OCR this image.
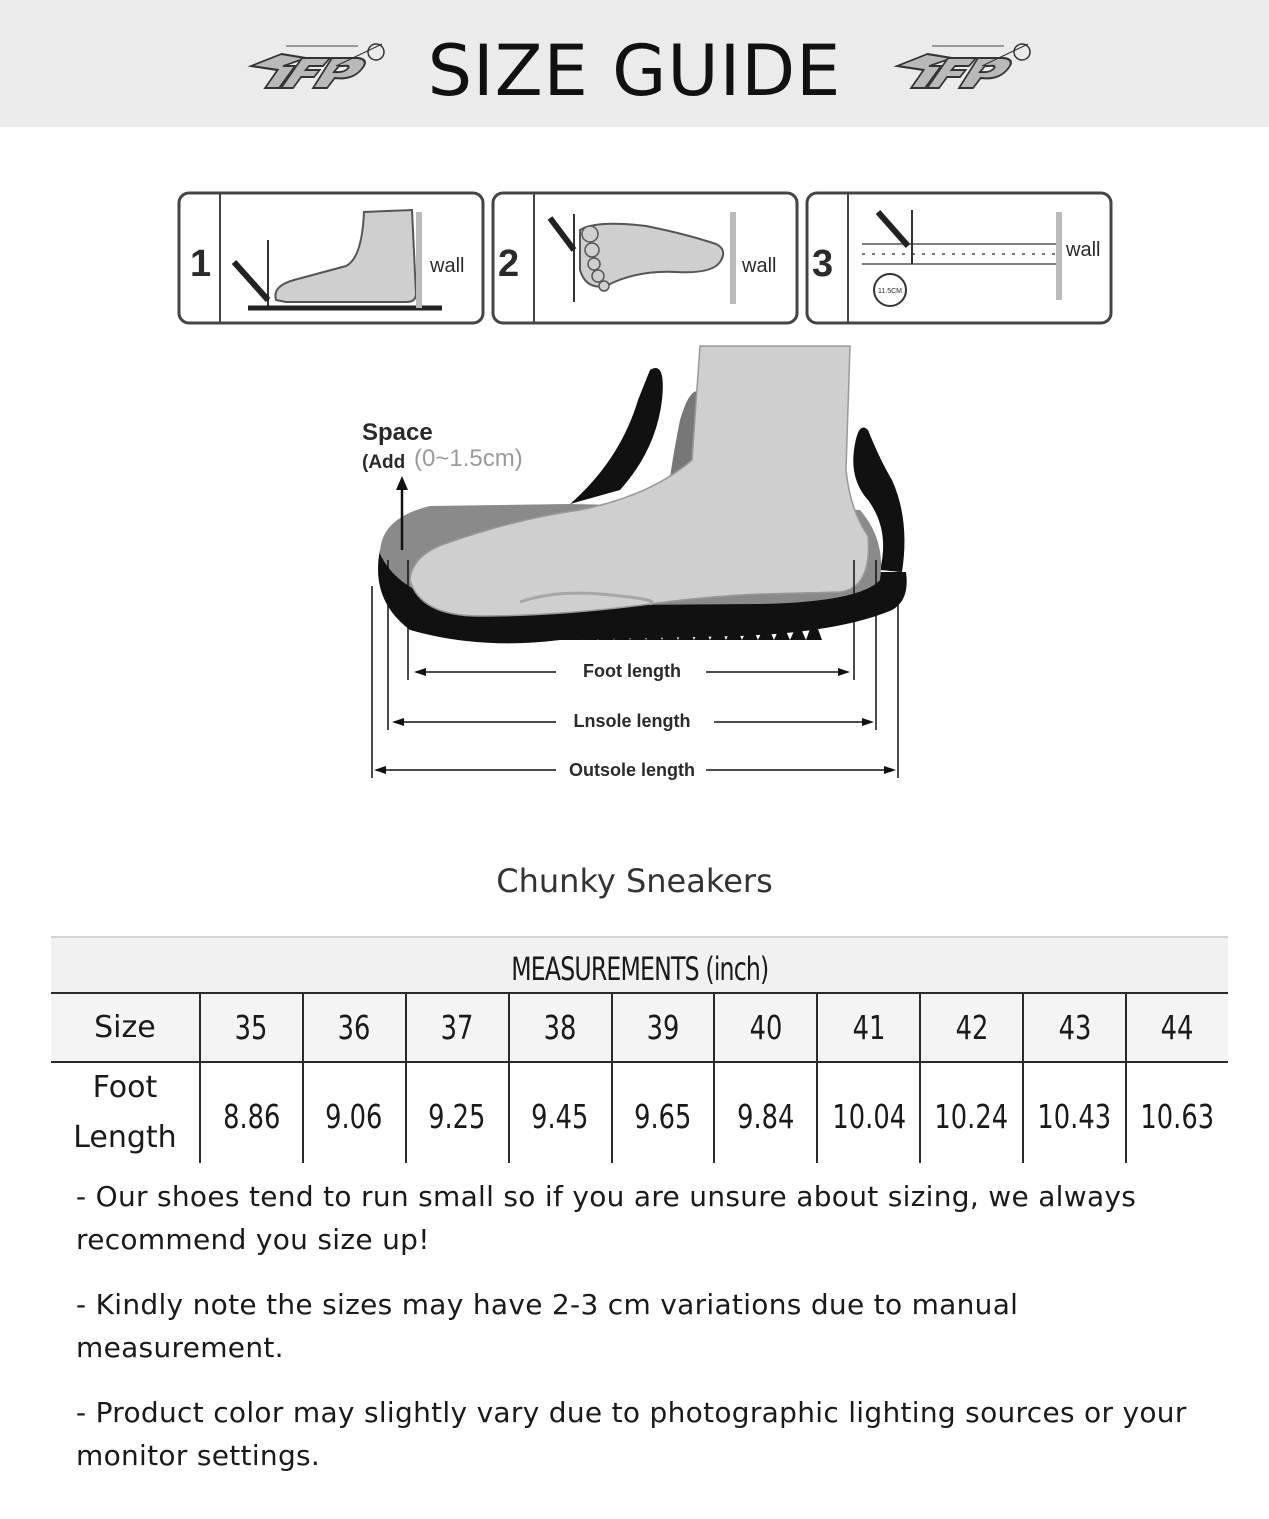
TEP	SIZE GUIDE
1	wall 2	wall 3
11.5CM
wall
Space
(Add (0~1.5cm)
Foot length
Lnsole length
Outsole length
Chunky Sneakers
MEASUREMENTS (inch)
Size	35 36 37 38 39 40 41 42 43 44
Foot
Length
8.86 9.06 9.25 9.45 9.65 9.84 10.04 10.24 10.43 10.63

- Our shoes tend to run small so if you are unsure about sizing, we always recommend you size up!

- Kindly note the sizes may have 2-3 cm variations due to manual measurement.

- Product color may slightly vary due to photographic lighting sources or your monitor settings.
